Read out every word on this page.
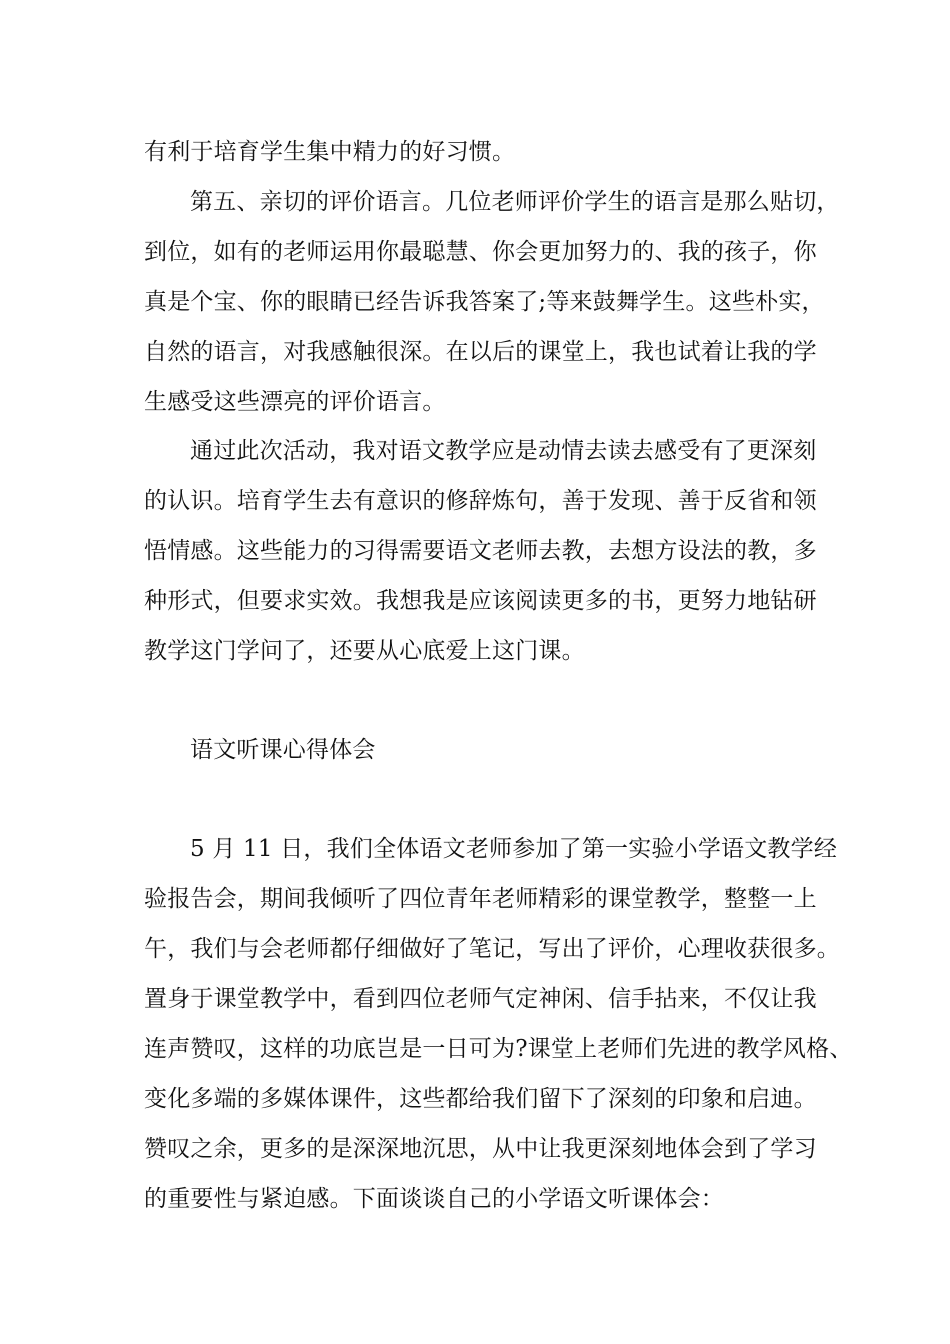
有利于培育学生集中精力的好习惯。
第五、亲切的评价语言。几位老师评价学生的语言是那么贴切，
到位，如有的老师运用你最聪慧、你会更加努力的、我的孩子，你
真是个宝、你的眼睛已经告诉我答案了;等来鼓舞学生。这些朴实，
自然的语言，对我感触很深。在以后的课堂上，我也试着让我的学
生感受这些漂亮的评价语言。
通过此次活动，我对语文教学应是动情去读去感受有了更深刻
的认识。培育学生去有意识的修辞炼句，善于发现、善于反省和领
悟情感。这些能力的习得需要语文老师去教，去想方设法的教，多
种形式，但要求实效。我想我是应该阅读更多的书，更努力地钻研
教学这门学问了，还要从心底爱上这门课。
语文听课心得体会
5 月 11 日，我们全体语文老师参加了第一实验小学语文教学经
验报告会，期间我倾听了四位青年老师精彩的课堂教学，整整一上
午，我们与会老师都仔细做好了笔记，写出了评价，心理收获很多。
置身于课堂教学中，看到四位老师气定神闲、信手拈来，不仅让我
连声赞叹，这样的功底岂是一日可为?课堂上老师们先进的教学风格、
变化多端的多媒体课件，这些都给我们留下了深刻的印象和启迪。
赞叹之余，更多的是深深地沉思，从中让我更深刻地体会到了学习
的重要性与紧迫感。下面谈谈自己的小学语文听课体会：
